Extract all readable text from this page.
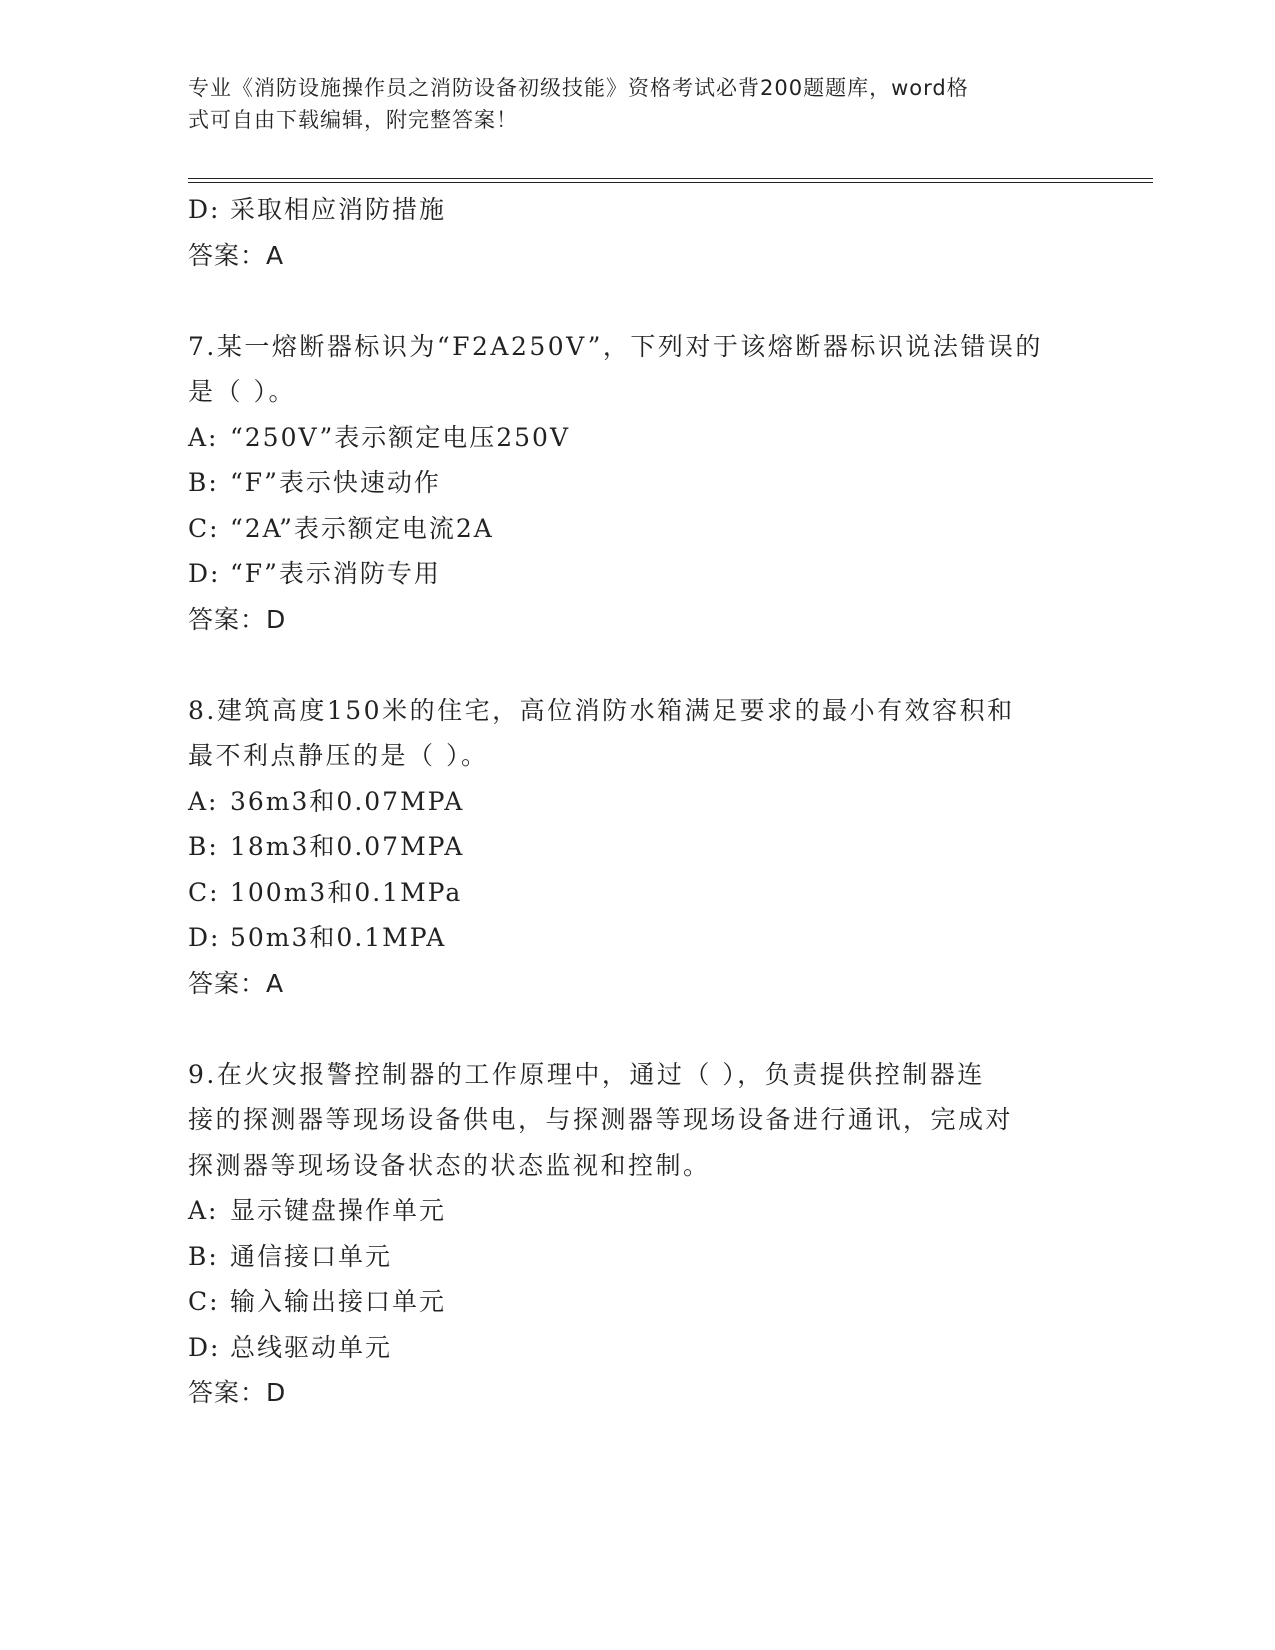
专业《消防设施操作员之消防设备初级技能》资格考试必背200题题库，word格
式可自由下载编辑，附完整答案！
D: 采取相应消防措施
答案：A
7.某一熔断器标识为“F2A250V”，下列对于该熔断器标识说法错误的
是（ ）。
A: “250V”表示额定电压250V
B: “F”表示快速动作
C: “2A”表示额定电流2A
D: “F”表示消防专用
答案：D
8.建筑高度150米的住宅，高位消防水箱满足要求的最小有效容积和
最不利点静压的是（ ）。
A: 36m3和0.07MPA
B: 18m3和0.07MPA
C: 100m3和0.1MPa
D: 50m3和0.1MPA
答案：A
9.在火灾报警控制器的工作原理中，通过（ ），负责提供控制器连
接的探测器等现场设备供电，与探测器等现场设备进行通讯，完成对
探测器等现场设备状态的状态监视和控制。
A: 显示键盘操作单元
B: 通信接口单元
C: 输入输出接口单元
D: 总线驱动单元
答案：D
